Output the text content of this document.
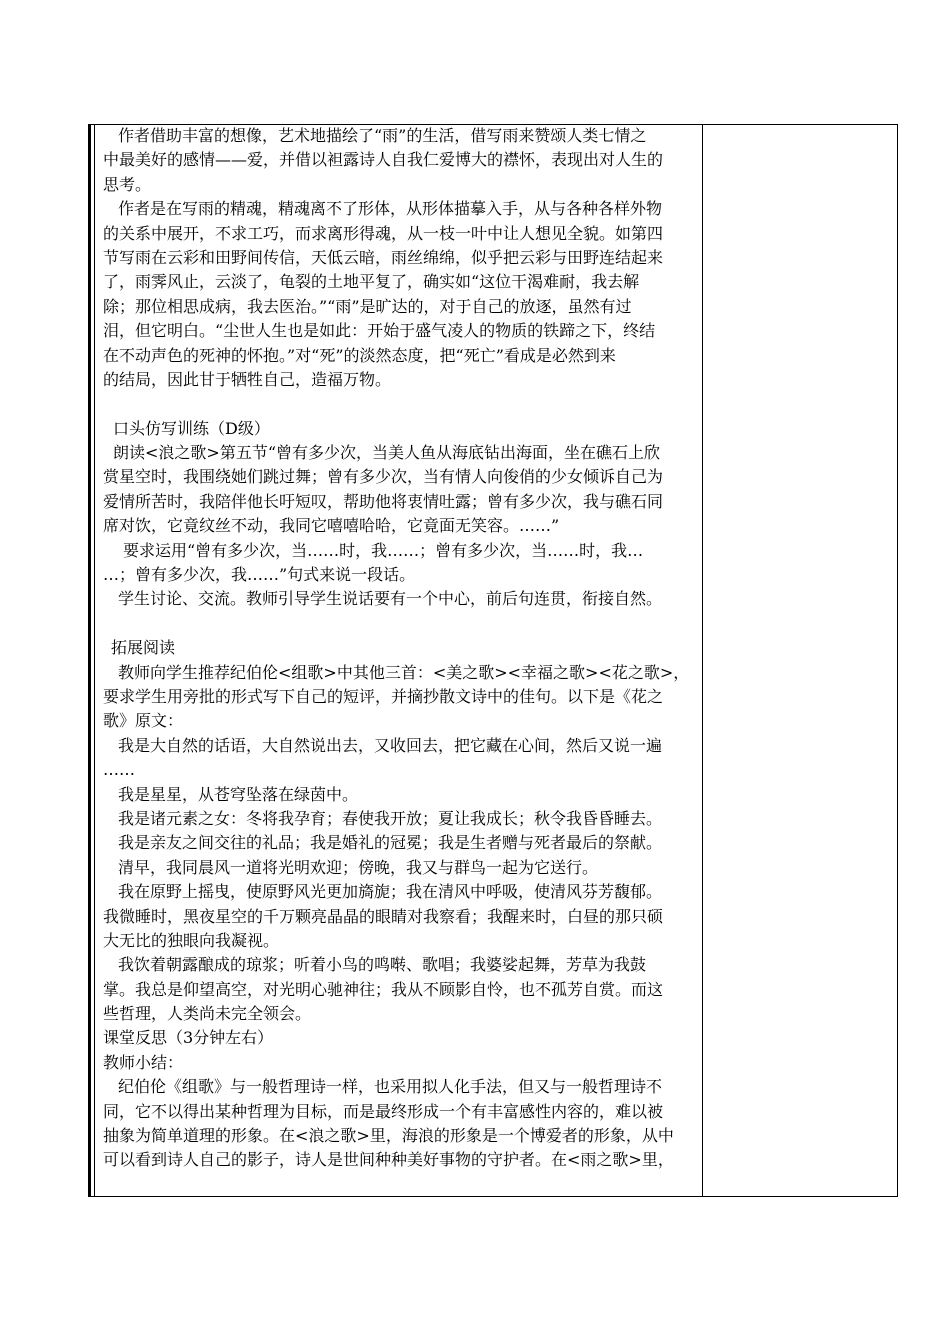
作者借助丰富的想像，艺术地描绘了“雨”的生活，借写雨来赞颂人类七情之
中最美好的感情——爱，并借以袒露诗人自我仁爱博大的襟怀，表现出对人生的
思考。
作者是在写雨的精魂，精魂离不了形体，从形体描摹入手，从与各种各样外物
的关系中展开，不求工巧，而求离形得魂，从一枝一叶中让人想见全貌。如第四
节写雨在云彩和田野间传信，天低云暗，雨丝绵绵，似乎把云彩与田野连结起来
了，雨霁风止，云淡了，龟裂的土地平复了，确实如“这位干渴难耐，我去解
除；那位相思成病，我去医治。”“雨”是旷达的，对于自己的放逐，虽然有过
泪，但它明白。“尘世人生也是如此：开始于盛气凌人的物质的铁蹄之下，终结
在不动声色的死神的怀抱。”对“死”的淡然态度，把“死亡”看成是必然到来
的结局，因此甘于牺牲自己，造福万物。
口头仿写训练（D级）
朗读<浪之歌>第五节“曾有多少次，当美人鱼从海底钻出海面，坐在礁石上欣
赏星空时，我围绕她们跳过舞；曾有多少次，当有情人向俊俏的少女倾诉自己为
爱情所苦时，我陪伴他长吁短叹，帮助他将衷情吐露；曾有多少次，我与礁石同
席对饮，它竟纹丝不动，我同它嘻嘻哈哈，它竟面无笑容。……”
要求运用“曾有多少次，当……时，我……；曾有多少次，当……时，我…
…；曾有多少次，我……”句式来说一段话。
学生讨论、交流。教师引导学生说话要有一个中心，前后句连贯，衔接自然。
拓展阅读
教师向学生推荐纪伯伦<组歌>中其他三首：<美之歌><幸福之歌><花之歌>，
要求学生用旁批的形式写下自己的短评，并摘抄散文诗中的佳句。以下是《花之
歌》原文：
我是大自然的话语，大自然说出去，又收回去，把它藏在心间，然后又说一遍
……
我是星星，从苍穹坠落在绿茵中。
我是诸元素之女：冬将我孕育；春使我开放；夏让我成长；秋令我昏昏睡去。
我是亲友之间交往的礼品；我是婚礼的冠冕；我是生者赠与死者最后的祭献。
清早，我同晨风一道将光明欢迎；傍晚，我又与群鸟一起为它送行。
我在原野上摇曳，使原野风光更加旖旎；我在清风中呼吸，使清风芬芳馥郁。
我微睡时，黑夜星空的千万颗亮晶晶的眼睛对我察看；我醒来时，白昼的那只硕
大无比的独眼向我凝视。
我饮着朝露酿成的琼浆；听着小鸟的鸣啭、歌唱；我婆娑起舞，芳草为我鼓
掌。我总是仰望高空，对光明心驰神往；我从不顾影自怜，也不孤芳自赏。而这
些哲理，人类尚未完全领会。
课堂反思（3分钟左右）
教师小结：
纪伯伦《组歌》与一般哲理诗一样，也采用拟人化手法，但又与一般哲理诗不
同，它不以得出某种哲理为目标，而是最终形成一个有丰富感性内容的，难以被
抽象为简单道理的形象。在<浪之歌>里，海浪的形象是一个博爱者的形象，从中
可以看到诗人自己的影子，诗人是世间种种美好事物的守护者。在<雨之歌>里，
